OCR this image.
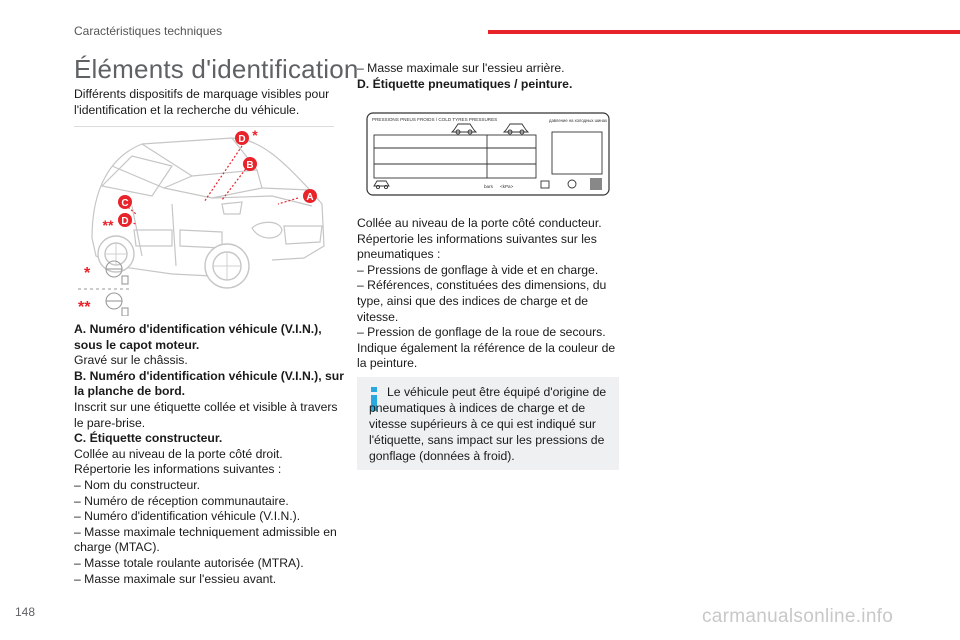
Caractéristiques techniques
Éléments d'identification

Différents dispositifs de marquage visibles pour l'identification et la recherche du véhicule.

D *
B
A
C
D
**
*
**

A. Numéro d'identification véhicule (V.I.N.), sous le capot moteur.

Gravé sur le châssis.

B. Numéro d'identification véhicule (V.I.N.), sur la planche de bord.

Inscrit sur une étiquette collée et visible à travers le pare-brise.

C. Étiquette constructeur.

Collée au niveau de la porte côté droit.

Répertorie les informations suivantes :

– Nom du constructeur.

– Numéro de réception communautaire.

– Numéro d'identification véhicule (V.I.N.).

– Masse maximale techniquement admissible en charge (MTAC).

– Masse totale roulante autorisée (MTRA).

– Masse maximale sur l'essieu avant.

– Masse maximale sur l'essieu arrière.

D. Étiquette pneumatiques / peinture.

PRESSIONS PNEUS FROIDS / COLD TYRES PRESSURES	давление на холодных шинах
bars <kPa>

Collée au niveau de la porte côté conducteur.

Répertorie les informations suivantes sur les pneumatiques :

– Pressions de gonflage à vide et en charge.

– Références, constituées des dimensions, du type, ainsi que des indices de charge et de vitesse.

– Pression de gonflage de la roue de secours.

Indique également la référence de la couleur de la peinture.

Le véhicule peut être équipé d'origine de pneumatiques à indices de charge et de vitesse supérieurs à ce qui est indiqué sur l'étiquette, sans impact sur les pressions de gonflage (données à froid).

148	carmanualsonline.info
